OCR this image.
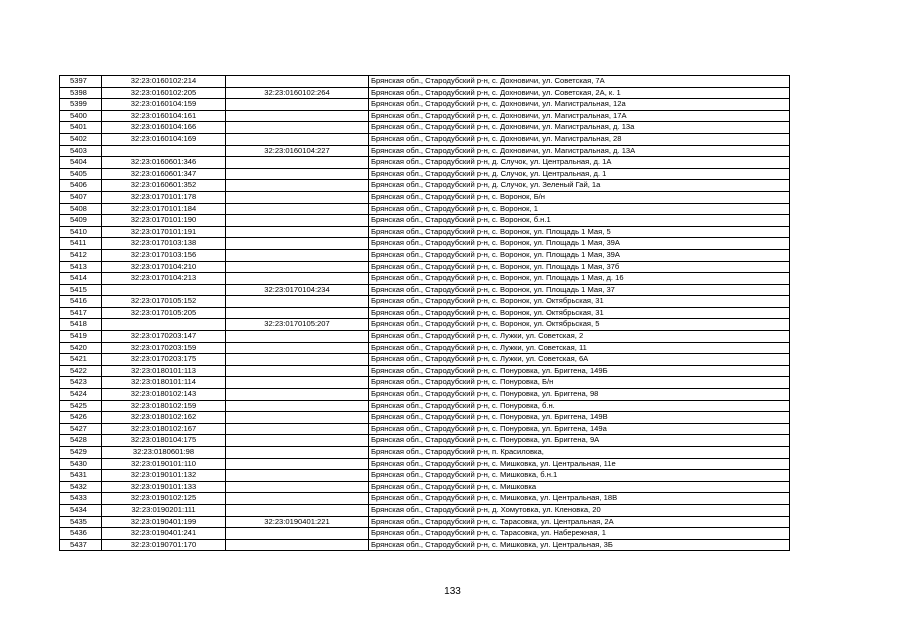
5397	32:23:0160102:214		Брянская обл., Стародубский р-н, с. Дохновичи, ул. Советская, 7А
5398	32:23:0160102:205	32:23:0160102:264	Брянская обл., Стародубский р-н, с. Дохновичи, ул. Советская, 2А, к. 1
5399	32:23:0160104:159		Брянская обл., Стародубский р-н, с. Дохновичи, ул. Магистральная, 12а
5400	32:23:0160104:161		Брянская обл., Стародубский р-н, с. Дохновичи, ул. Магистральная, 17А
5401	32:23:0160104:166		Брянская обл., Стародубский р-н, с. Дохновичи, ул. Магистральная, д. 13а
5402	32:23:0160104:169		Брянская обл., Стародубский р-н, с. Дохновичи, ул. Магистральная, 28
5403		32:23:0160104:227	Брянская обл., Стародубский р-н, с. Дохновичи, ул. Магистральная, д. 13А
5404	32:23:0160601:346		Брянская обл., Стародубский р-н, д. Случок, ул. Центральная, д. 1А
5405	32:23:0160601:347		Брянская обл., Стародубский р-н, д. Случок, ул. Центральная, д. 1
5406	32:23:0160601:352		Брянская обл., Стародубский р-н, д. Случок, ул. Зеленый Гай, 1а
5407	32:23:0170101:178		Брянская обл., Стародубский р-н, с. Воронок, Б/н
5408	32:23:0170101:184		Брянская обл., Стародубский р-н, с. Воронок, 1
5409	32:23:0170101:190		Брянская обл., Стародубский р-н, с. Воронок, б.н.1
5410	32:23:0170101:191		Брянская обл., Стародубский р-н, с. Воронок, ул. Площадь 1 Мая, 5
5411	32:23:0170103:138		Брянская обл., Стародубский р-н, с. Воронок, ул. Площадь 1 Мая, 39А
5412	32:23:0170103:156		Брянская обл., Стародубский р-н, с. Воронок, ул. Площадь 1 Мая, 39А
5413	32:23:0170104:210		Брянская обл., Стародубский р-н, с. Воронок, ул. Площадь 1 Мая, 37б
5414	32:23:0170104:213		Брянская обл., Стародубский р-н, с. Воронок, ул. Площадь 1 Мая, д. 16
5415		32:23:0170104:234	Брянская обл., Стародубский р-н, с. Воронок, ул. Площадь 1 Мая, 37
5416	32:23:0170105:152		Брянская обл., Стародубский р-н, с. Воронок, ул. Октябрьская, 31
5417	32:23:0170105:205		Брянская обл., Стародубский р-н, с. Воронок, ул. Октябрьская, 31
5418		32:23:0170105:207	Брянская обл., Стародубский р-н, с. Воронок, ул. Октябрьская, 5
5419	32:23:0170203:147		Брянская обл., Стародубский р-н, с. Лужки, ул. Советская, 2
5420	32:23:0170203:159		Брянская обл., Стародубский р-н, с. Лужки, ул. Советская, 11
5421	32:23:0170203:175		Брянская обл., Стародубский р-н, с. Лужки, ул. Советская, 6А
5422	32:23:0180101:113		Брянская обл., Стародубский р-н, с. Понуровка, ул. Бриггена, 149Б
5423	32:23:0180101:114		Брянская обл., Стародубский р-н, с. Понуровка, Б/н
5424	32:23:0180102:143		Брянская обл., Стародубский р-н, с. Понуровка, ул. Бриггена, 98
5425	32:23:0180102:159		Брянская обл., Стародубский р-н, с. Понуровка, б.н.
5426	32:23:0180102:162		Брянская обл., Стародубский р-н, с. Понуровка, ул. Бриггена, 149В
5427	32:23:0180102:167		Брянская обл., Стародубский р-н, с. Понуровка, ул. Бриггена, 149а
5428	32:23:0180104:175		Брянская обл., Стародубский р-н, с. Понуровка, ул. Бриггена, 9А
5429	32:23:0180601:98		Брянская обл., Стародубский р-н, п. Красиловка,
5430	32:23:0190101:110		Брянская обл., Стародубский р-н, с. Мишковка, ул. Центральная, 11е
5431	32:23:0190101:132		Брянская обл., Стародубский р-н, с. Мишковка, б.н.1
5432	32:23:0190101:133		Брянская обл., Стародубский р-н, с. Мишковка
5433	32:23:0190102:125		Брянская обл., Стародубский р-н, с. Мишковка, ул. Центральная, 18В
5434	32:23:0190201:111		Брянская обл., Стародубский р-н, д. Хомутовка, ул. Кленовка, 20
5435	32:23:0190401:199	32:23:0190401:221	Брянская обл., Стародубский р-н, с. Тарасовка, ул. Центральная, 2А
5436	32:23:0190401:241		Брянская обл., Стародубский р-н, с. Тарасовка, ул. Набережная, 1
5437	32:23:0190701:170		Брянская обл., Стародубский р-н, с. Мишковка, ул. Центральная, 3Б
133
